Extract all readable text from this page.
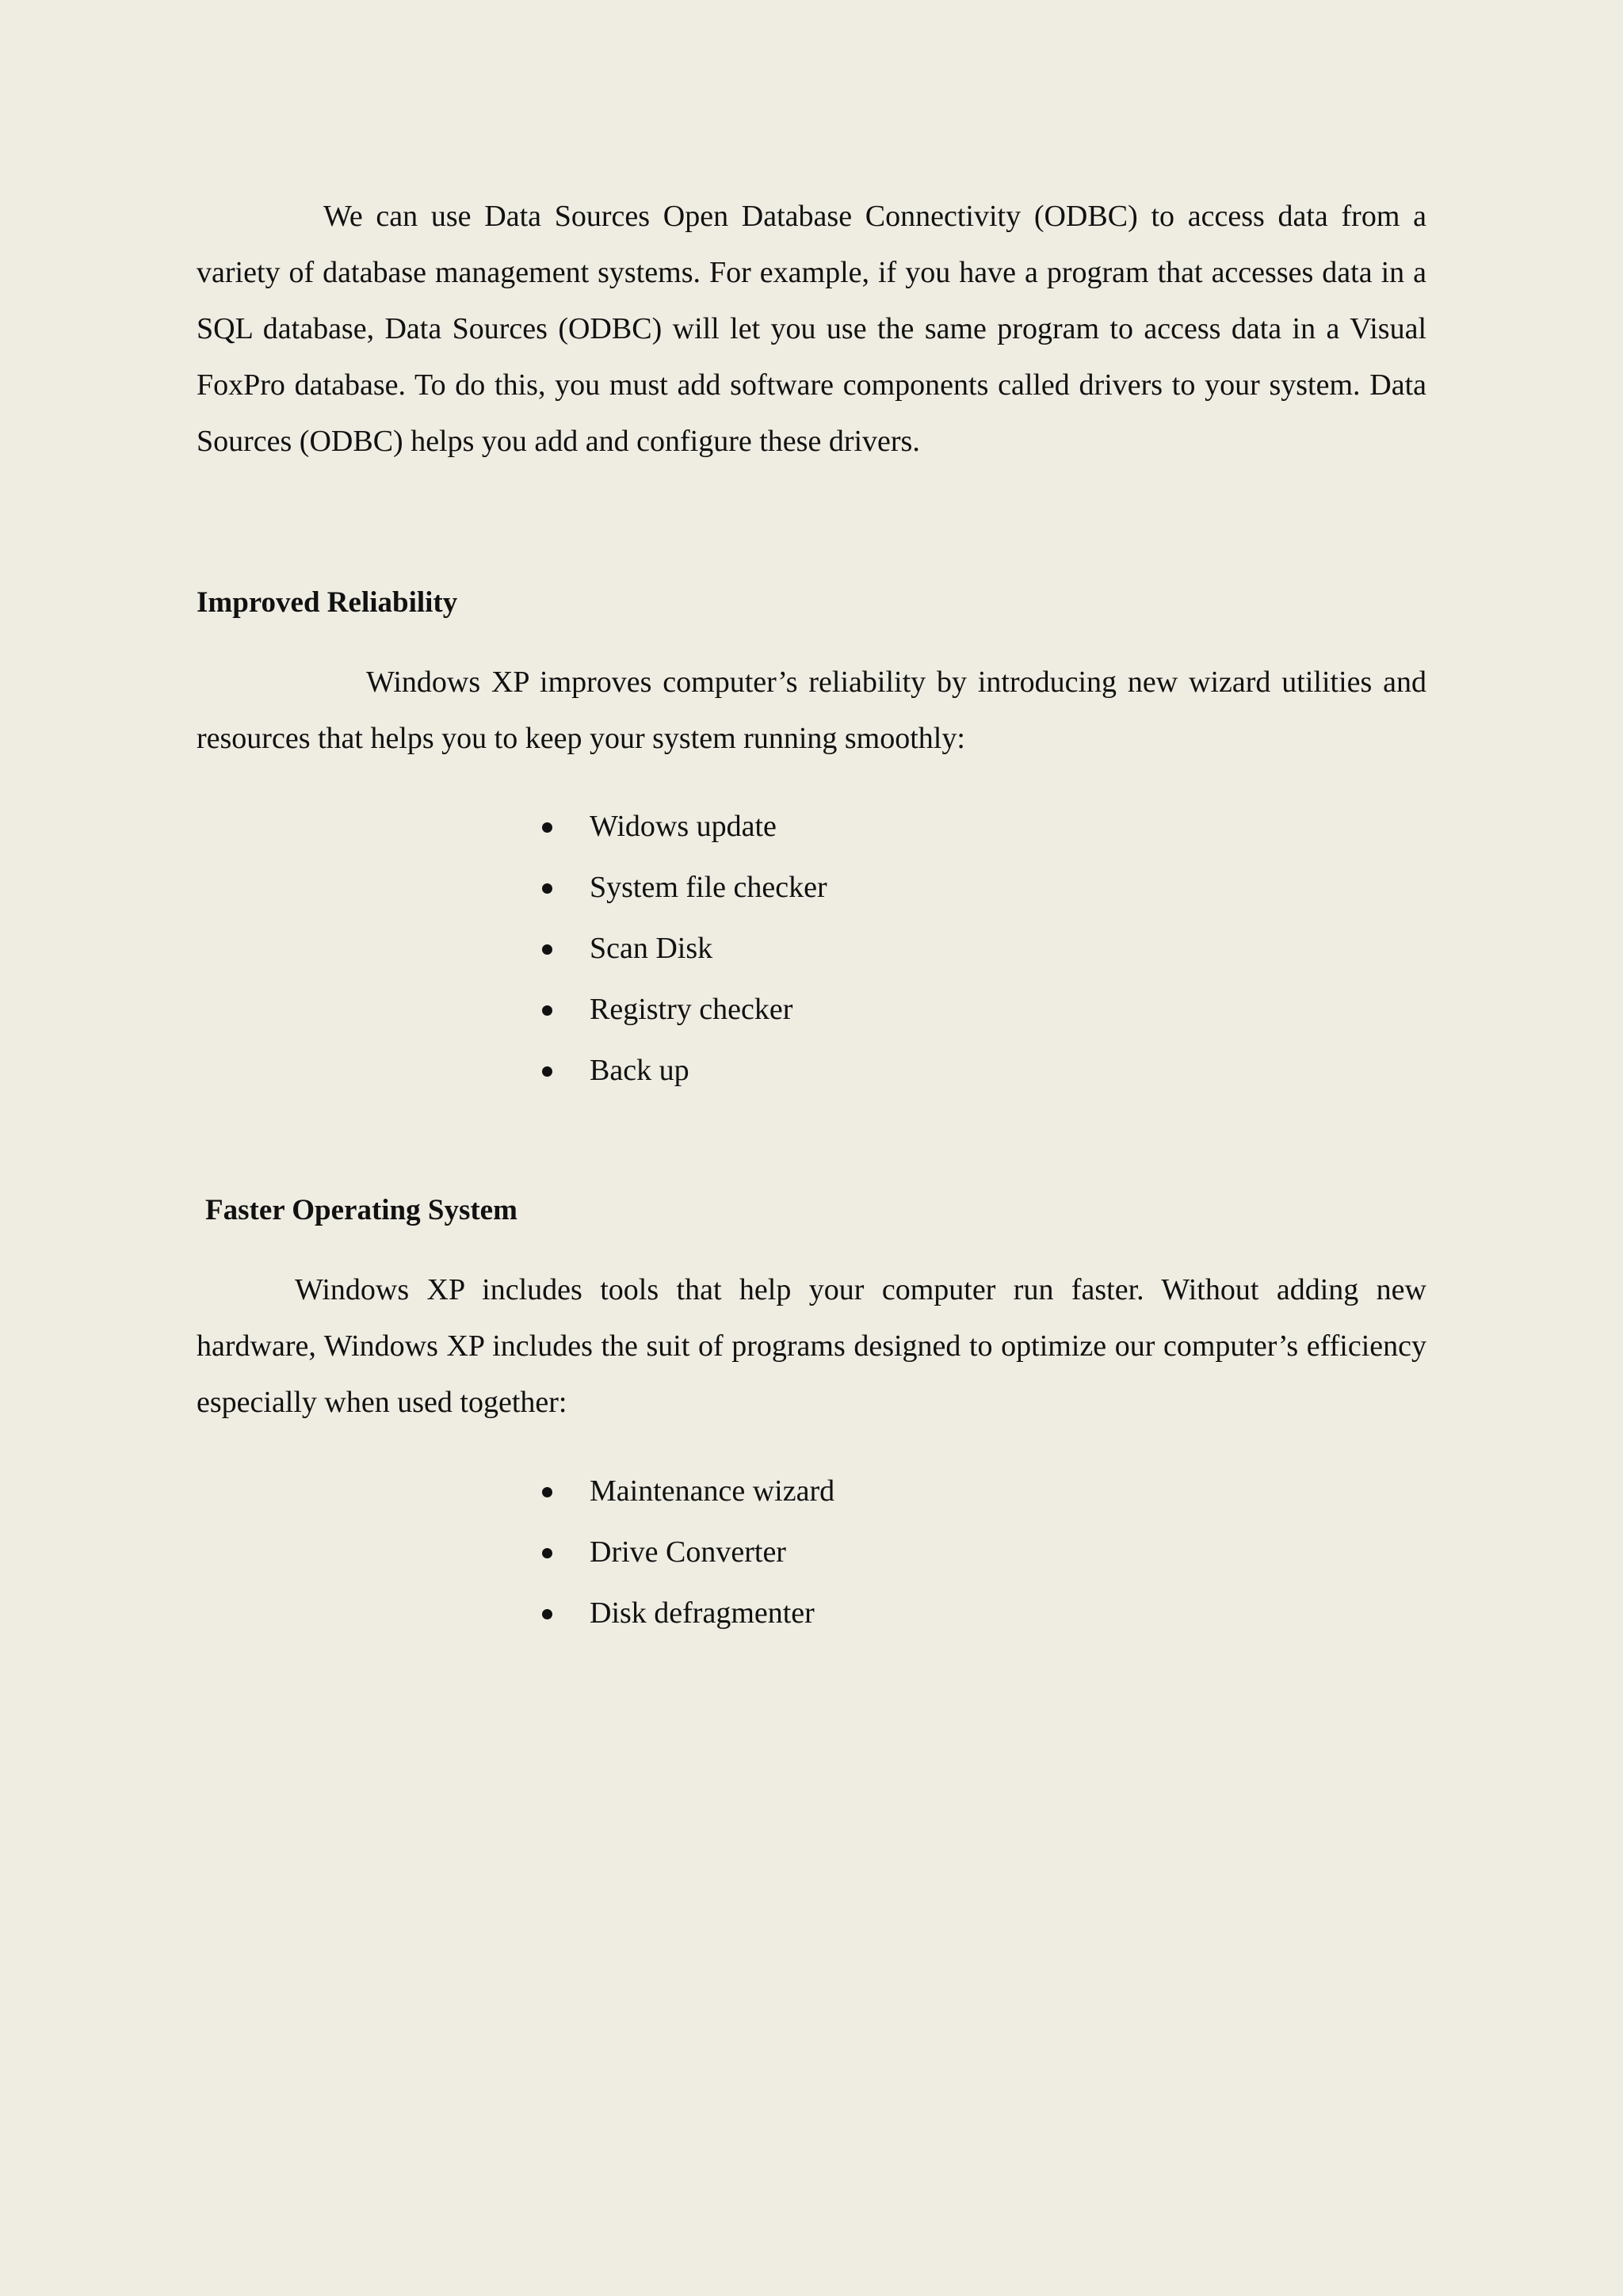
We can use Data Sources Open Database Connectivity (ODBC) to access data from a variety of database management systems. For example, if you have a program that accesses data in a SQL database, Data Sources (ODBC) will let you use the same program to access data in a Visual FoxPro database. To do this, you must add software components called drivers to your system. Data Sources (ODBC) helps you add and configure these drivers.

Improved Reliability

Windows XP improves computer’s reliability by introducing new wizard utilities and resources that helps you to keep your system running smoothly:

Widows update
System file checker
Scan Disk
Registry checker
Back up
Faster Operating System

Windows XP includes tools that help your computer run faster. Without adding new hardware, Windows XP includes the suit of programs designed to optimize our computer’s efficiency especially when used together:

Maintenance wizard
Drive Converter
Disk defragmenter
